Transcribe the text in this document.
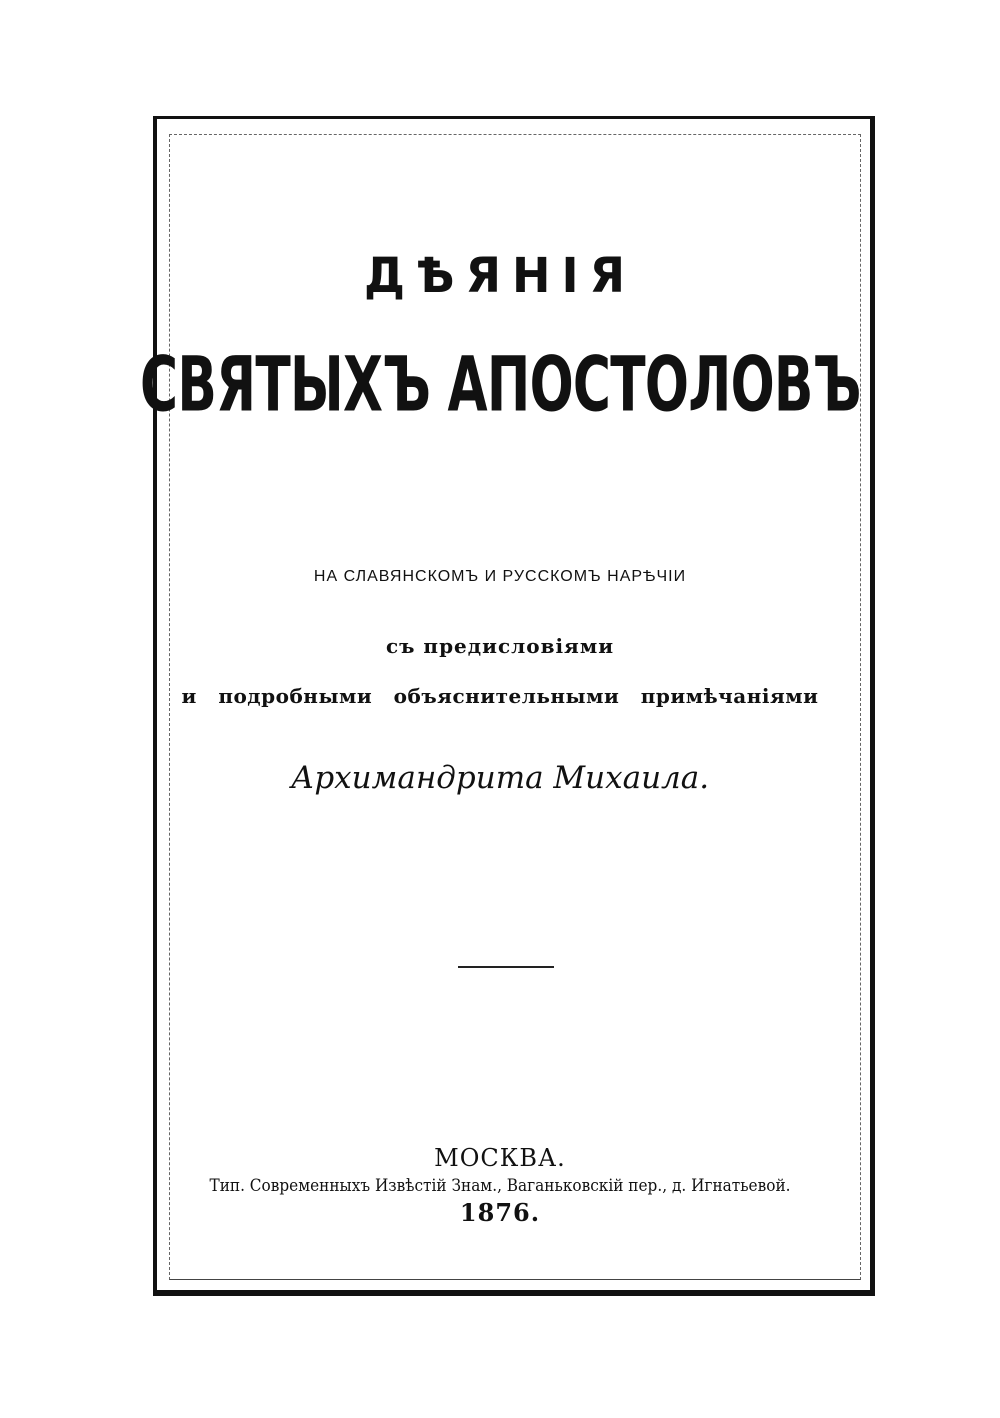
ДѢЯНІЯ
СВЯТЫХЪ АПОСТОЛОВЪ
НА СЛАВЯНСКОМЪ И РУССКОМЪ НАРѢЧІИ
съ предисловіями
и подробными объяснительными примѣчаніями
Архимандрита Михаила.
МОСКВА.
Тип. Современныхъ Извѣстій Знам., Ваганьковскій пер., д. Игнатьевой.
1876.
